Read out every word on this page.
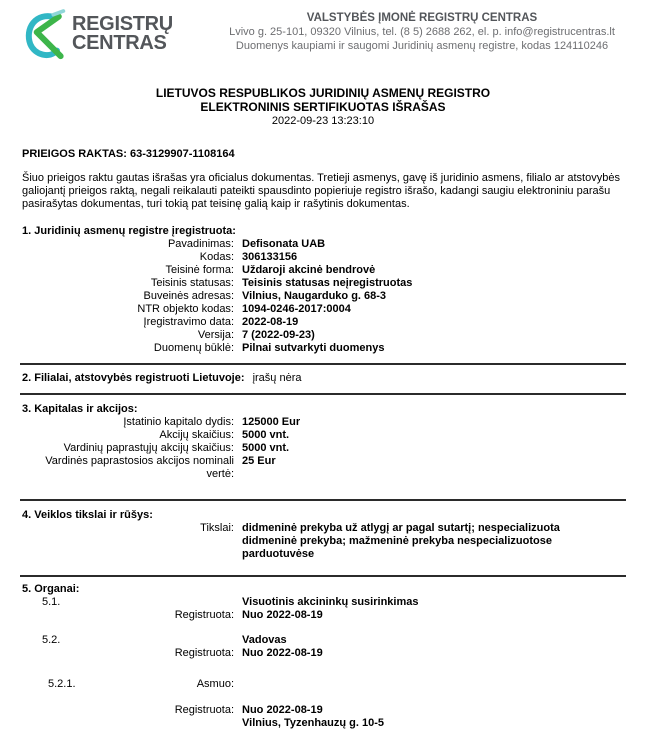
REGISTRŲ
CENTRAS
VALSTYBĖS ĮMONĖ REGISTRŲ CENTRAS
Lvivo g. 25-101, 09320 Vilnius, tel. (8 5) 2688 262, el. p. info@registrucentras.lt
Duomenys kaupiami ir saugomi Juridinių asmenų registre, kodas 124110246
LIETUVOS RESPUBLIKOS JURIDINIŲ ASMENŲ REGISTRO
ELEKTRONINIS SERTIFIKUOTAS IŠRAŠAS
2022-09-23 13:23:10
PRIEIGOS RAKTAS: 63-3129907-1108164
Šiuo prieigos raktu gautas išrašas yra oficialus dokumentas. Tretieji asmenys, gavę iš juridinio asmens, filialo ar atstovybės galiojantį prieigos raktą, negali reikalauti pateikti spausdinto popieriuje registro išrašo, kadangi saugiu elektroniniu parašu pasirašytas dokumentas, turi tokią pat teisinę galią kaip ir rašytinis dokumentas.
1. Juridinių asmenų registre įregistruota:
Pavadinimas: Defisonata UAB
Kodas: 306133156
Teisinė forma: Uždaroji akcinė bendrovė
Teisinis statusas: Teisinis statusas neįregistruotas
Buveinės adresas: Vilnius, Naugarduko g. 68-3
NTR objekto kodas: 1094-0246-2017:0004
Įregistravimo data: 2022-08-19
Versija: 7 (2022-09-23)
Duomenų būklė: Pilnai sutvarkyti duomenys
2. Filialai, atstovybės registruoti Lietuvoje: įrašų nėra
3. Kapitalas ir akcijos:
Įstatinio kapitalo dydis: 125000 Eur
Akcijų skaičius: 5000 vnt.
Vardinių paprastųjų akcijų skaičius: 5000 vnt.
Vardinės paprastosios akcijos nominali vertė:
25 Eur
4. Veiklos tikslai ir rūšys:
Tikslai: didmeninė prekyba už atlygį ar pagal sutartį; nespecializuota didmeninė prekyba; mažmeninė prekyba nespecializuotose parduotuvėse
5. Organai:
5.1.	Visuotinis akcininkų susirinkimas
Registruota: Nuo 2022-08-19
5.2.	Vadovas
Registruota: Nuo 2022-08-19
5.2.1.	Asmuo:
Registruota: Nuo 2022-08-19
Vilnius, Tyzenhauzų g. 10-5
